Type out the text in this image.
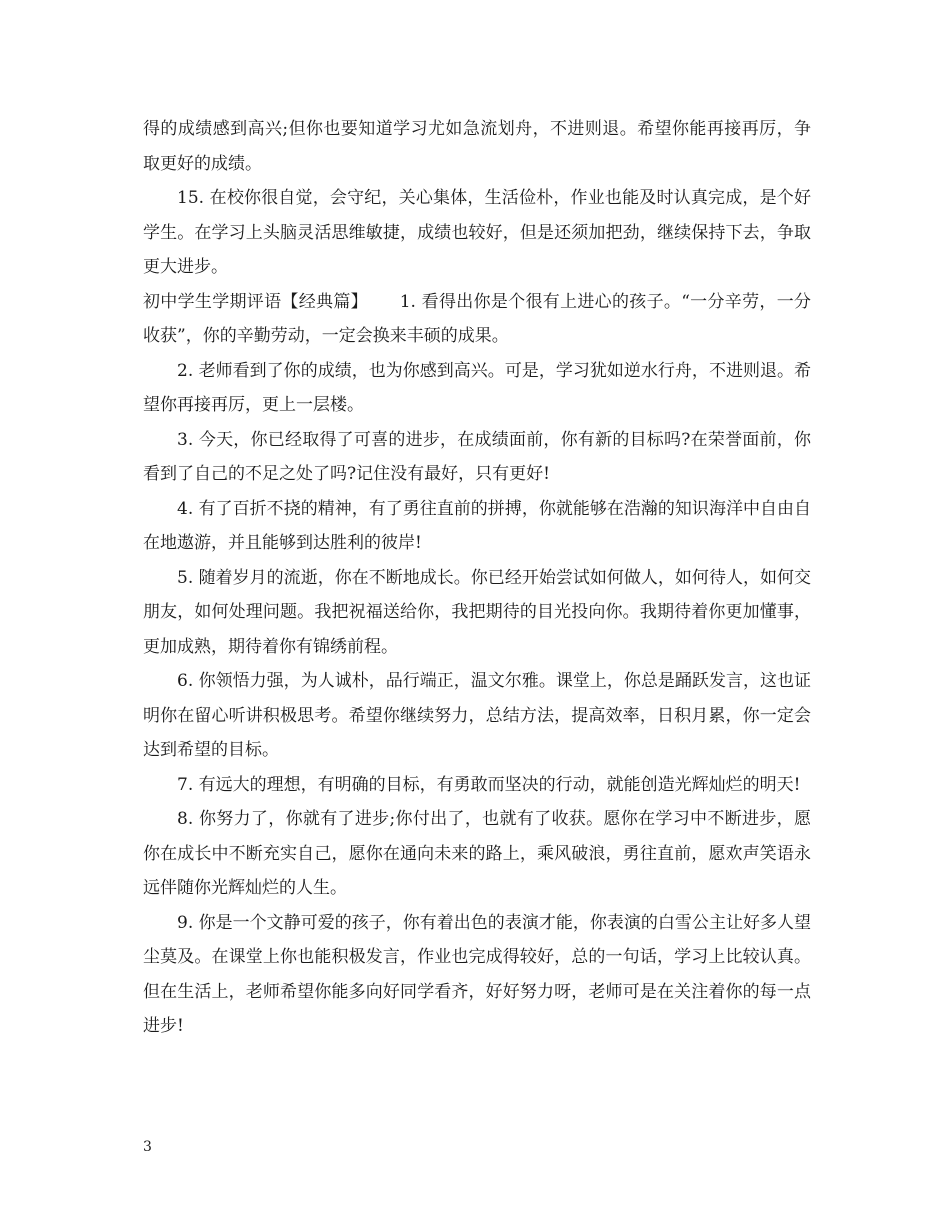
得的成绩感到高兴;但你也要知道学习尤如急流划舟，不进则退。希望你能再接再厉，争取更好的成绩。

15. 在校你很自觉，会守纪，关心集体，生活俭朴，作业也能及时认真完成，是个好学生。在学习上头脑灵活思维敏捷，成绩也较好，但是还须加把劲，继续保持下去，争取更大进步。

初中学生学期评语【经典篇】　　 1. 看得出你是个很有上进心的孩子。“一分辛劳，一分收获”，你的辛勤劳动，一定会换来丰硕的成果。

2. 老师看到了你的成绩，也为你感到高兴。可是，学习犹如逆水行舟，不进则退。希望你再接再厉，更上一层楼。

3. 今天，你已经取得了可喜的进步，在成绩面前，你有新的目标吗?在荣誉面前，你看到了自己的不足之处了吗?记住没有最好，只有更好!

4. 有了百折不挠的精神，有了勇往直前的拼搏，你就能够在浩瀚的知识海洋中自由自在地遨游，并且能够到达胜利的彼岸!

5. 随着岁月的流逝，你在不断地成长。你已经开始尝试如何做人，如何待人，如何交朋友，如何处理问题。我把祝福送给你，我把期待的目光投向你。我期待着你更加懂事，更加成熟，期待着你有锦绣前程。

6. 你领悟力强，为人诚朴，品行端正，温文尔雅。课堂上，你总是踊跃发言，这也证明你在留心听讲积极思考。希望你继续努力，总结方法，提高效率，日积月累，你一定会达到希望的目标。

7. 有远大的理想，有明确的目标，有勇敢而坚决的行动，就能创造光辉灿烂的明天!

8. 你努力了，你就有了进步;你付出了，也就有了收获。愿你在学习中不断进步，愿你在成长中不断充实自己，愿你在通向未来的路上，乘风破浪，勇往直前，愿欢声笑语永远伴随你光辉灿烂的人生。

9. 你是一个文静可爱的孩子，你有着出色的表演才能，你表演的白雪公主让好多人望尘莫及。在课堂上你也能积极发言，作业也完成得较好，总的一句话，学习上比较认真。但在生活上，老师希望你能多向好同学看齐，好好努力呀，老师可是在关注着你的每一点进步!

3
